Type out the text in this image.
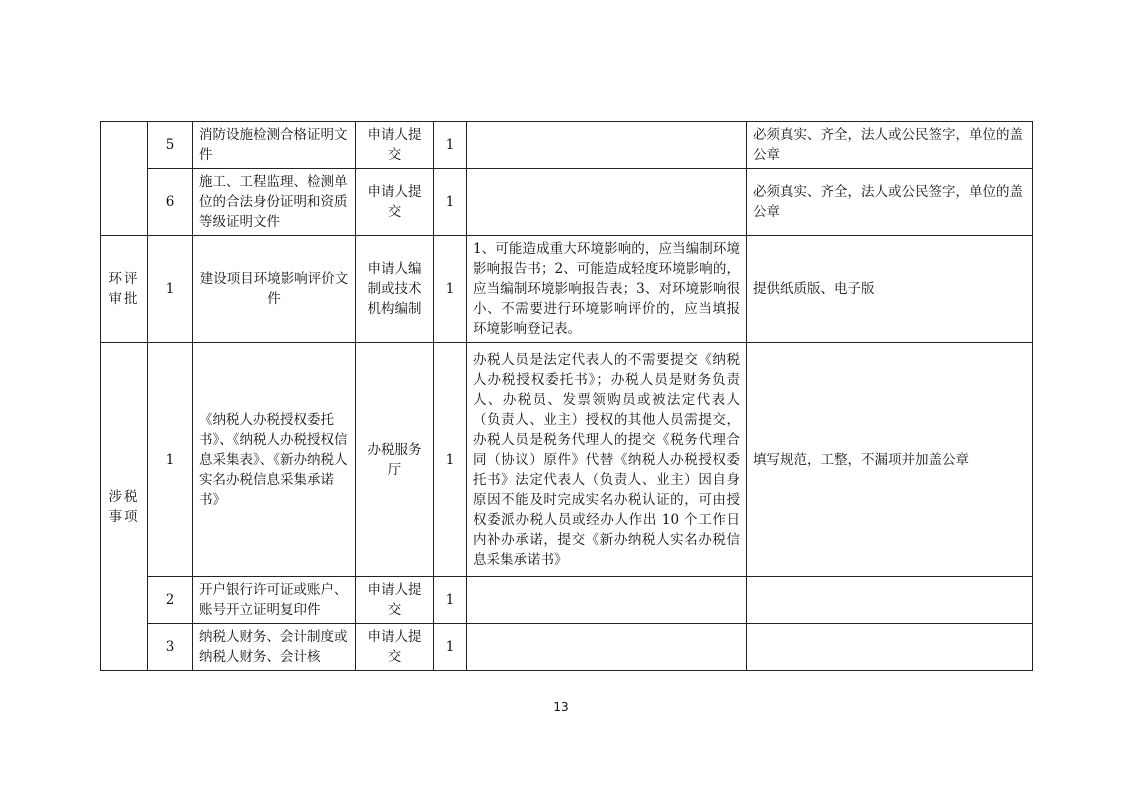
	5	消防设施检测合格证明文件	申请人提交	1		必须真实、齐全，法人或公民签字，单位的盖公章
	6	施工、工程监理、检测单位的合法身份证明和资质等级证明文件	申请人提交	1		必须真实、齐全，法人或公民签字，单位的盖公章
环评
审批	1	建设项目环境影响评价文件	申请人编制或技术机构编制	1	1、可能造成重大环境影响的，应当编制环境影响报告书；2、可能造成轻度环境影响的，应当编制环境影响报告表；3、对环境影响很小、不需要进行环境影响评价的，应当填报环境影响登记表。	提供纸质版、电子版
涉税
事项	1	《纳税人办税授权委托书》、《纳税人办税授权信息采集表》、《新办纳税人实名办税信息采集承诺书》	办税服务厅	1	办税人员是法定代表人的不需要提交《纳税人办税授权委托书》；办税人员是财务负责人、办税员、发票领购员或被法定代表人（负责人、业主）授权的其他人员需提交，办税人员是税务代理人的提交《税务代理合同（协议）原件》代替《纳税人办税授权委托书》法定代表人（负责人、业主）因自身原因不能及时完成实名办税认证的，可由授权委派办税人员或经办人作出 10 个工作日内补办承诺，提交《新办纳税人实名办税信息采集承诺书》	填写规范，工整，不漏项并加盖公章
	2	开户银行许可证或账户、账号开立证明复印件	申请人提交	1		
	3	纳税人财务、会计制度或纳税人财务、会计核	申请人提交	1		
13
